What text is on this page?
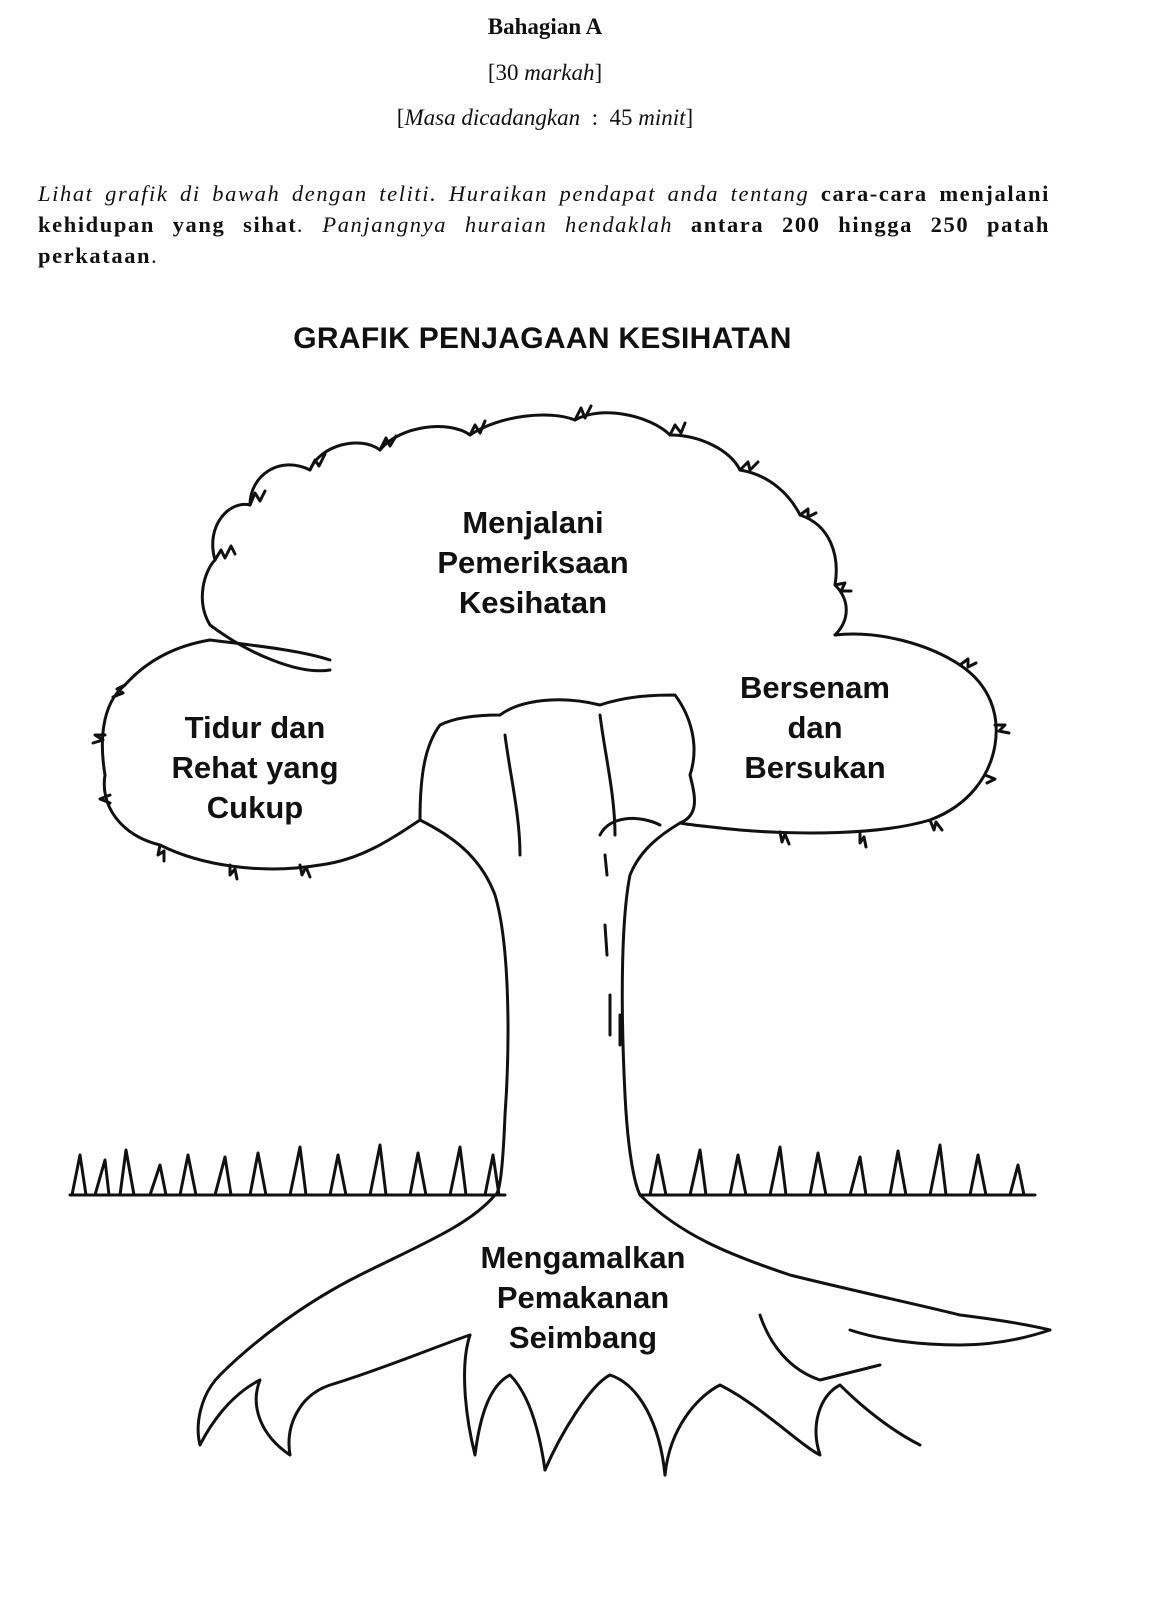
Bahagian A
[30 markah]
[Masa dicadangkan  :  45 minit]
Lihat grafik di bawah dengan teliti. Huraikan pendapat anda tentang cara-cara menjalani kehidupan yang sihat. Panjangnya huraian hendaklah antara 200 hingga 250 patah perkataan.
GRAFIK PENJAGAAN KESIHATAN
Menjalani
Pemeriksaan
Kesihatan
Tidur dan
Rehat yang
Cukup
Bersenam
dan
Bersukan
Mengamalkan
Pemakanan
Seimbang
